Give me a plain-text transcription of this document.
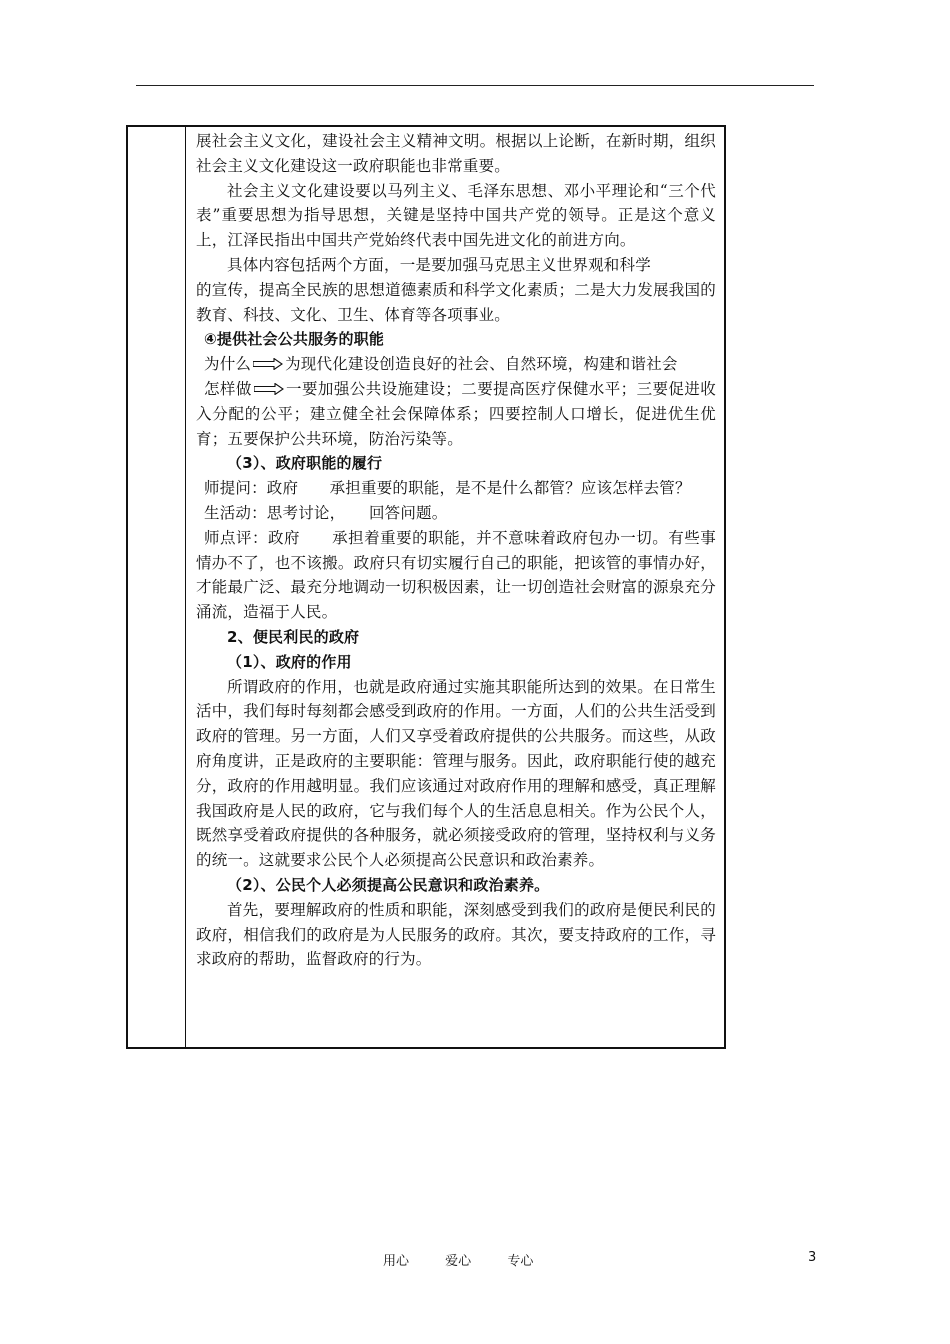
展社会主义文化，建设社会主义精神文明。根据以上论断，在新时期，组织社会主义文化建设这一政府职能也非常重要。

社会主义文化建设要以马列主义、毛泽东思想、邓小平理论和“三个代表”重要思想为指导思想，关键是坚持中国共产党的领导。正是这个意义上，江泽民指出中国共产党始终代表中国先进文化的前进方向。

具体内容包括两个方面，一是要加强马克思主义世界观和科学

的宣传，提高全民族的思想道德素质和科学文化素质；二是大力发展我国的教育、科技、文化、卫生、体育等各项事业。

④提供社会公共服务的职能

为什么 为现代化建设创造良好的社会、自然环境，构建和谐社会

怎样做 一要加强公共设施建设；二要提高医疗保健水平；三要促进收入分配的公平；建立健全社会保障体系；四要控制人口增长，促进优生优育；五要保护公共环境，防治污染等。

（3）、政府职能的履行

师提问：政府　　承担重要的职能，是不是什么都管？应该怎样去管？

生活动：思考讨论，　　回答问题。

师点评：政府　　承担着重要的职能，并不意味着政府包办一切。有些事情办不了，也不该搬。政府只有切实履行自己的职能，把该管的事情办好，才能最广泛、最充分地调动一切积极因素，让一切创造社会财富的源泉充分涌流，造福于人民。

2、便民利民的政府

（1）、政府的作用

所谓政府的作用，也就是政府通过实施其职能所达到的效果。在日常生活中，我们每时每刻都会感受到政府的作用。一方面，人们的公共生活受到政府的管理。另一方面，人们又享受着政府提供的公共服务。而这些，从政府角度讲，正是政府的主要职能：管理与服务。因此，政府职能行使的越充分，政府的作用越明显。我们应该通过对政府作用的理解和感受，真正理解我国政府是人民的政府，它与我们每个人的生活息息相关。作为公民个人，既然享受着政府提供的各种服务，就必须接受政府的管理，坚持权利与义务的统一。这就要求公民个人必须提高公民意识和政治素养。

（2）、公民个人必须提高公民意识和政治素养。

首先，要理解政府的性质和职能，深刻感受到我们的政府是便民利民的政府，相信我们的政府是为人民服务的政府。其次，要支持政府的工作，寻求政府的帮助，监督政府的行为。

用心	爱心	专心	3
